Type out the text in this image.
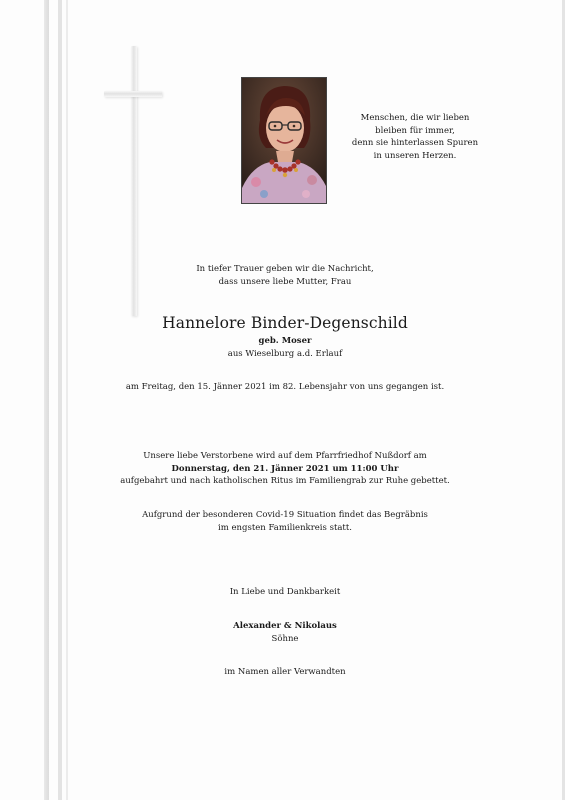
Menschen, die wir lieben
bleiben für immer,
denn sie hinterlassen Spuren
in unseren Herzen.
In tiefer Trauer geben wir die Nachricht,
dass unsere liebe Mutter, Frau
Hannelore Binder-Degenschild
geb. Moser
aus Wieselburg a.d. Erlauf
am Freitag, den 15. Jänner 2021 im 82. Lebensjahr von uns gegangen ist.
Unsere liebe Verstorbene wird auf dem Pfarrfriedhof Nußdorf am
Donnerstag, den 21. Jänner 2021 um 11:00 Uhr
aufgebahrt und nach katholischen Ritus im Familiengrab zur Ruhe gebettet.
Aufgrund der besonderen Covid-19 Situation findet das Begräbnis
im engsten Familienkreis statt.
In Liebe und Dankbarkeit
Alexander & Nikolaus
Söhne
im Namen aller Verwandten
